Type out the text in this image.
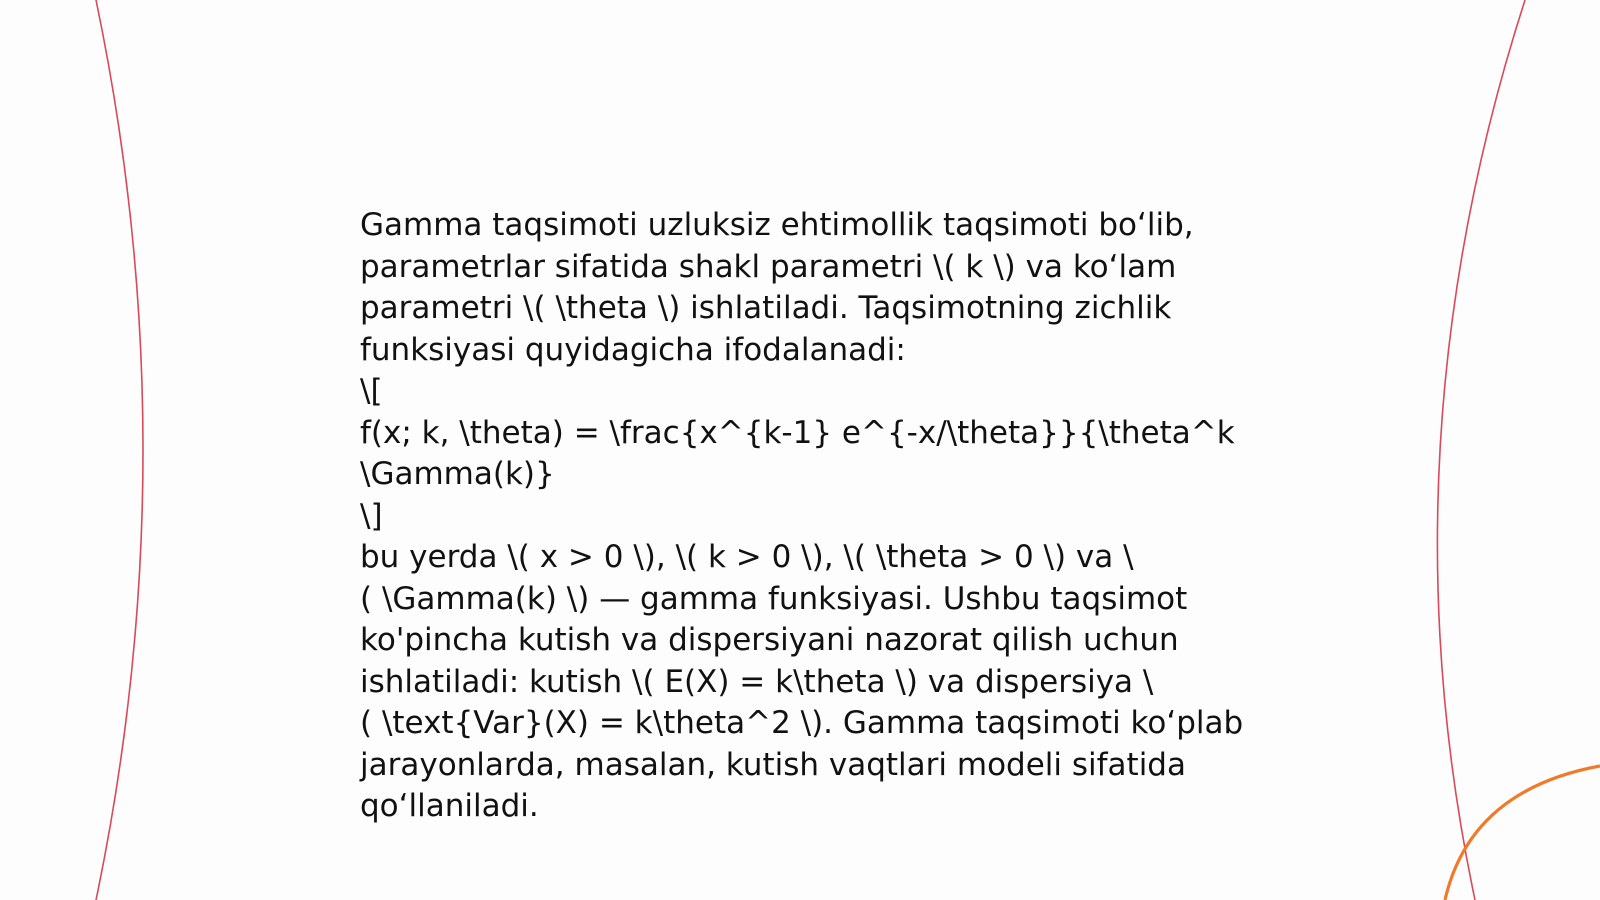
Gamma taqsimoti uzluksiz ehtimollik taqsimoti bo‘lib,
parametrlar sifatida shakl parametri \( k \) va ko‘lam
parametri \( \theta \) ishlatiladi. Taqsimotning zichlik
funksiyasi quyidagicha ifodalanadi:
\[
f(x; k, \theta) = \frac{x^{k-1} e^{-x/\theta}}{\theta^k
\Gamma(k)}
\]
bu yerda \( x > 0 \), \( k > 0 \), \( \theta > 0 \) va \
( \Gamma(k) \) — gamma funksiyasi. Ushbu taqsimot
ko'pincha kutish va dispersiyani nazorat qilish uchun
ishlatiladi: kutish \( E(X) = k\theta \) va dispersiya \
( \text{Var}(X) = k\theta^2 \). Gamma taqsimoti ko‘plab
jarayonlarda, masalan, kutish vaqtlari modeli sifatida
qo‘llaniladi.
